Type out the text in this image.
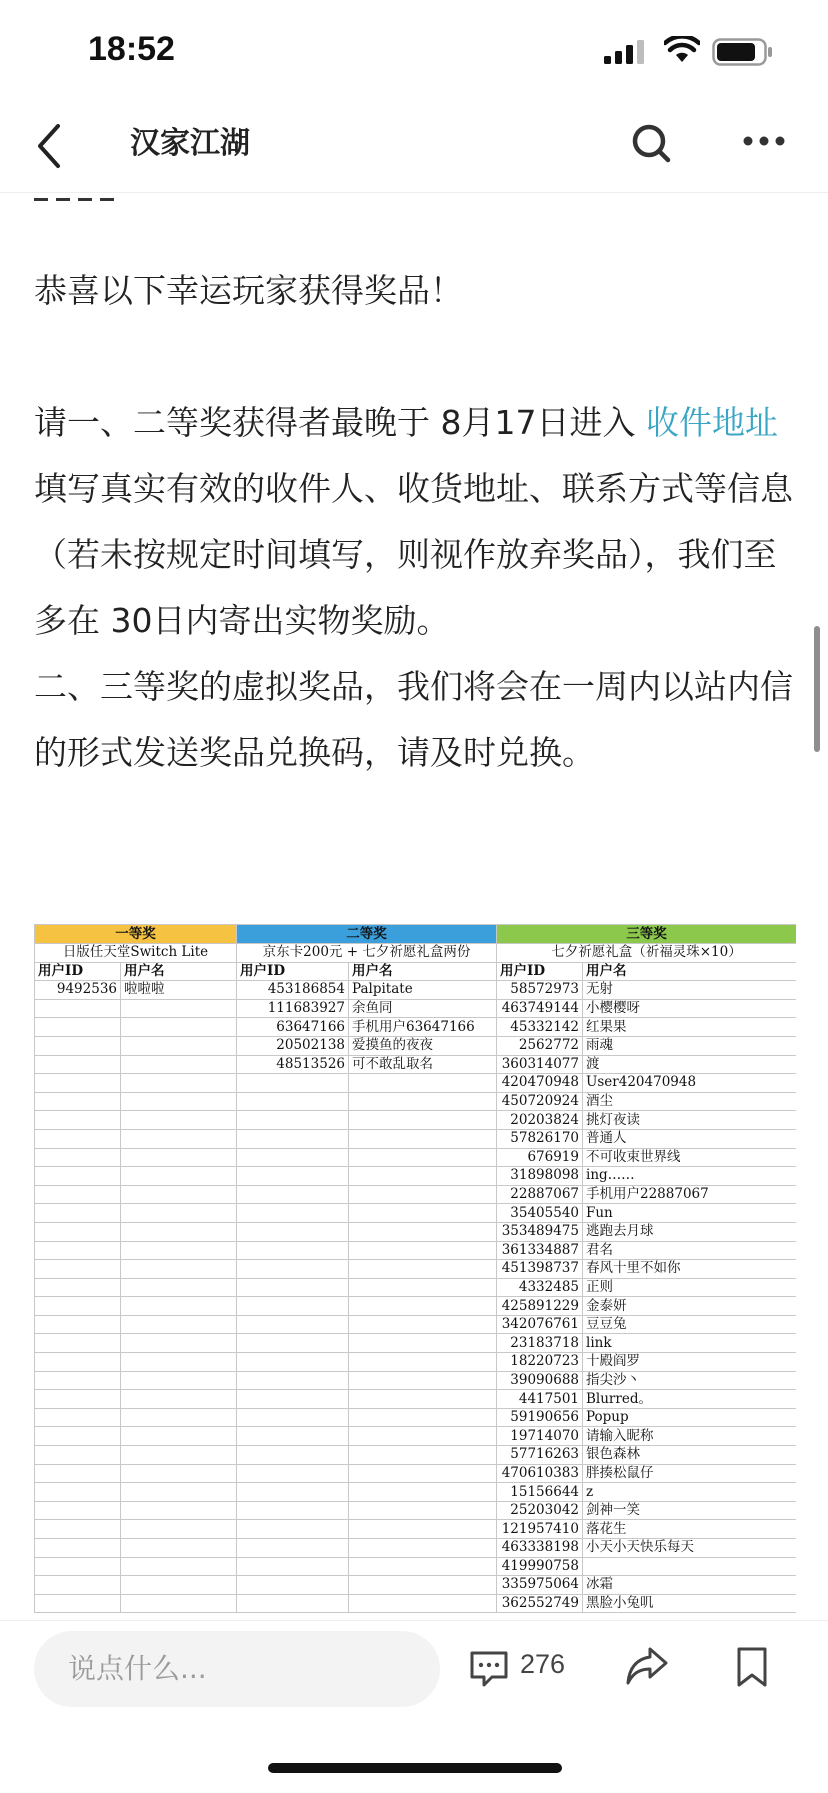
18:52
汉家江湖
恭喜以下幸运玩家获得奖品！
请一、二等奖获得者最晚于 8月17日进入 收件地址 填写真实有效的收件人、收货地址、联系方式等信息（若未按规定时间填写，则视作放弃奖品），我们至多在 30日内寄出实物奖励。
二、三等奖的虚拟奖品，我们将会在一周内以站内信的形式发送奖品兑换码，请及时兑换。
一等奖		二等奖		三等奖	
日版任天堂Switch Lite		京东卡200元 + 七夕祈愿礼盒两份		七夕祈愿礼盒（祈福灵珠×10）	
用户ID	用户名	用户ID	用户名	用户ID	用户名
9492536	啦啦啦	453186854	Palpitate	58572973	无射
		111683927	余鱼同	463749144	小樱樱呀
		63647166	手机用户63647166	45332142	红果果
		20502138	爱摸鱼的夜夜	2562772	雨魂
		48513526	可不敢乱取名	360314077	渡
				420470948	User420470948
				450720924	酒尘
				20203824	挑灯夜读
				57826170	普通人
				676919	不可收束世界线
				31898098	ing……
				22887067	手机用户22887067
				35405540	Fun
				353489475	逃跑去月球
				361334887	君名
				451398737	春风十里不如你
				4332485	正则
				425891229	金泰妍
				342076761	豆豆兔
				23183718	link
				18220723	十殿阎罗
				39090688	指尖沙丶
				4417501	Blurred。
				59190656	Popup
				19714070	请输入昵称
				57716263	银色森林
				470610383	胖揍松鼠仔
				15156644	z
				25203042	剑神一笑
				121957410	落花生
				463338198	小天小天快乐每天
				419990758	
				335975064	冰霜
				362552749	黑脸小兔叽
说点什么...	276
